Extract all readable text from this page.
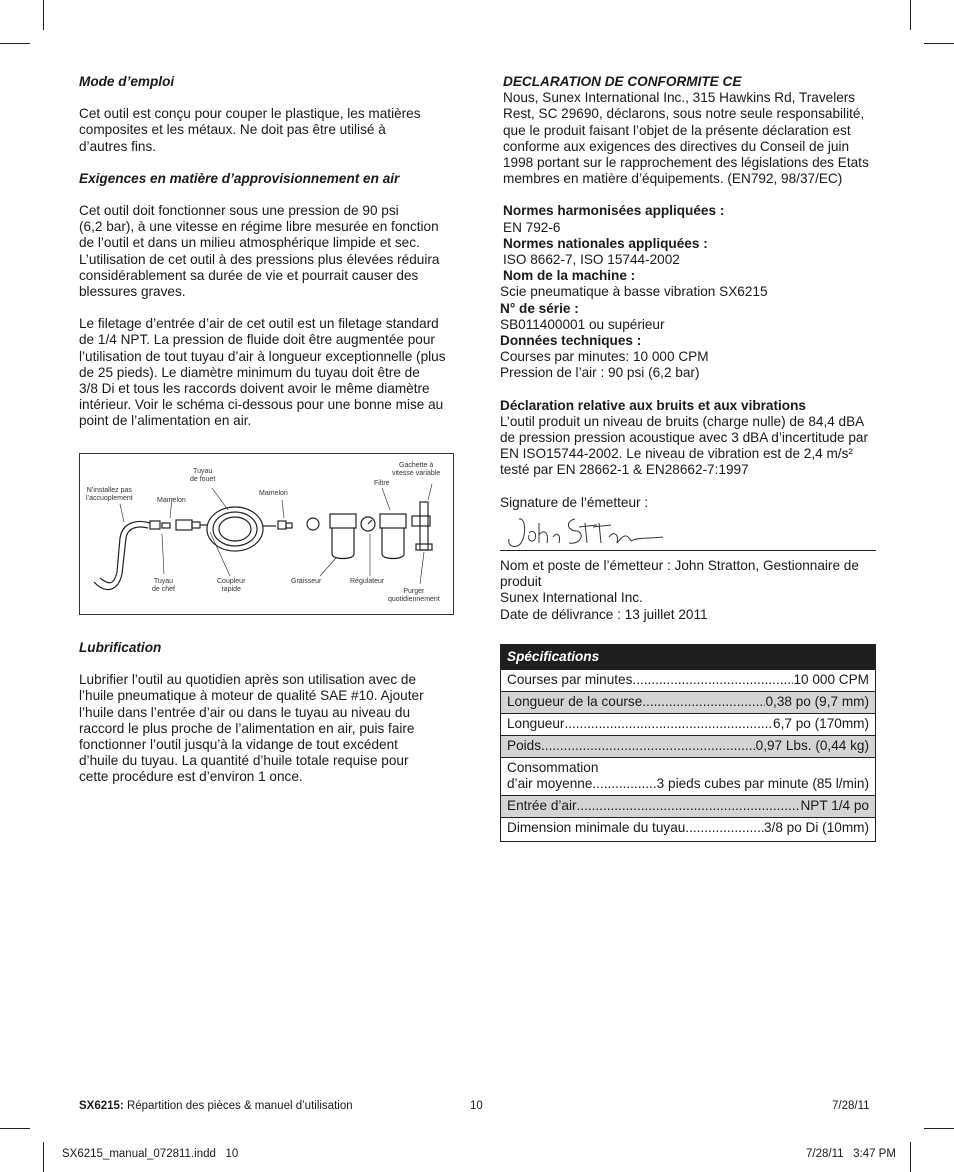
Mode d’emploi

Cet outil est conçu pour couper le plastique, les matières

composites et les métaux. Ne doit pas être utilisé à

d’autres fins.

Exigences en matière d’approvisionnement en air

Cet outil doit fonctionner sous une pression de 90 psi

(6,2 bar), à une vitesse en régime libre mesurée en fonction

de l’outil et dans un milieu atmosphérique limpide et sec.

L’utilisation de cet outil à des pressions plus élevées réduira

considérablement sa durée de vie et pourrait causer des

blessures graves.

Le filetage d’entrée d’air de cet outil est un filetage standard

de 1/4 NPT. La pression de fluide doit être augmentée pour

l’utilisation de tout tuyau d’air à longueur exceptionnelle (plus

de 25 pieds). Le diamètre minimum du tuyau doit être de

3/8 Di et tous les raccords doivent avoir le même diamètre

intérieur. Voir le schéma ci-dessous pour une bonne mise au

point de l’alimentation en air.

N’installez pas
l’accuoplement	Mamelon
Tuyau
de fouet
Mamelon
Filtre
Gachette à
vitesse variable
Tuyau
de chef
Coupleur
rapide
Graisseur	Régulateur
Purger
quotidiennement

Lubrification

Lubrifier l’outil au quotidien après son utilisation avec de

l’huile pneumatique à moteur de qualité SAE #10. Ajouter

l’huile dans l’entrée d’air ou dans le tuyau au niveau du

raccord le plus proche de l’alimentation en air, puis faire

fonctionner l’outil jusqu’à la vidange de tout excédent

d’huile du tuyau. La quantité d’huile totale requise pour

cette procédure est d’environ 1 once.

DECLARATION DE CONFORMITE CE

Nous, Sunex International Inc., 315 Hawkins Rd, Travelers

Rest, SC 29690, déclarons, sous notre seule responsabilité,

que le produit faisant l’objet de la présente déclaration est

conforme aux exigences des directives du Conseil de juin

1998 portant sur le rapprochement des législations des Etats

membres en matière d’équipements. (EN792, 98/37/EC)

Normes harmonisées appliquées :

EN 792-6

Normes nationales appliquées :

ISO 8662-7, ISO 15744-2002

Nom de la machine :

Scie pneumatique à basse vibration SX6215

N° de série :

SB011400001 ou supérieur

Données techniques :

Courses par minutes: 10 000 CPM

Pression de l’air : 90 psi (6,2 bar)

Déclaration relative aux bruits et aux vibrations

L’outil produit un niveau de bruits (charge nulle) de 84,4 dBA

de pression pression acoustique avec 3 dBA d’incertitude par

EN ISO15744-2002. Le niveau de vibration est de 2,4 m/s²

testé par EN 28662-1 & EN28662-7:1997

Signature de l’émetteur :

Nom et poste de l’émetteur : John Stratton, Gestionnaire de

produit

Sunex International Inc.

Date de délivrance : 13 juillet 2011

Spécifications
Courses par minutes .....	10 000 CPM
Longueur de la course .....	0,38 po (9,7 mm)
Longueur .....	6,7 po (170mm)
Poids .....	0,97 Lbs. (0,44 kg)
Consommation
d’air moyenne .....	3 pieds cubes par minute (85 l/min)
Entrée d’air .....	NPT 1/4 po
Dimension minimale du tuyau .....	3/8 po Di (10mm)
SX6215: Répartition des pièces & manuel d’utilisation	10	7/28/11
SX6215_manual_072811.indd   10	7/28/11   3:47 PM
